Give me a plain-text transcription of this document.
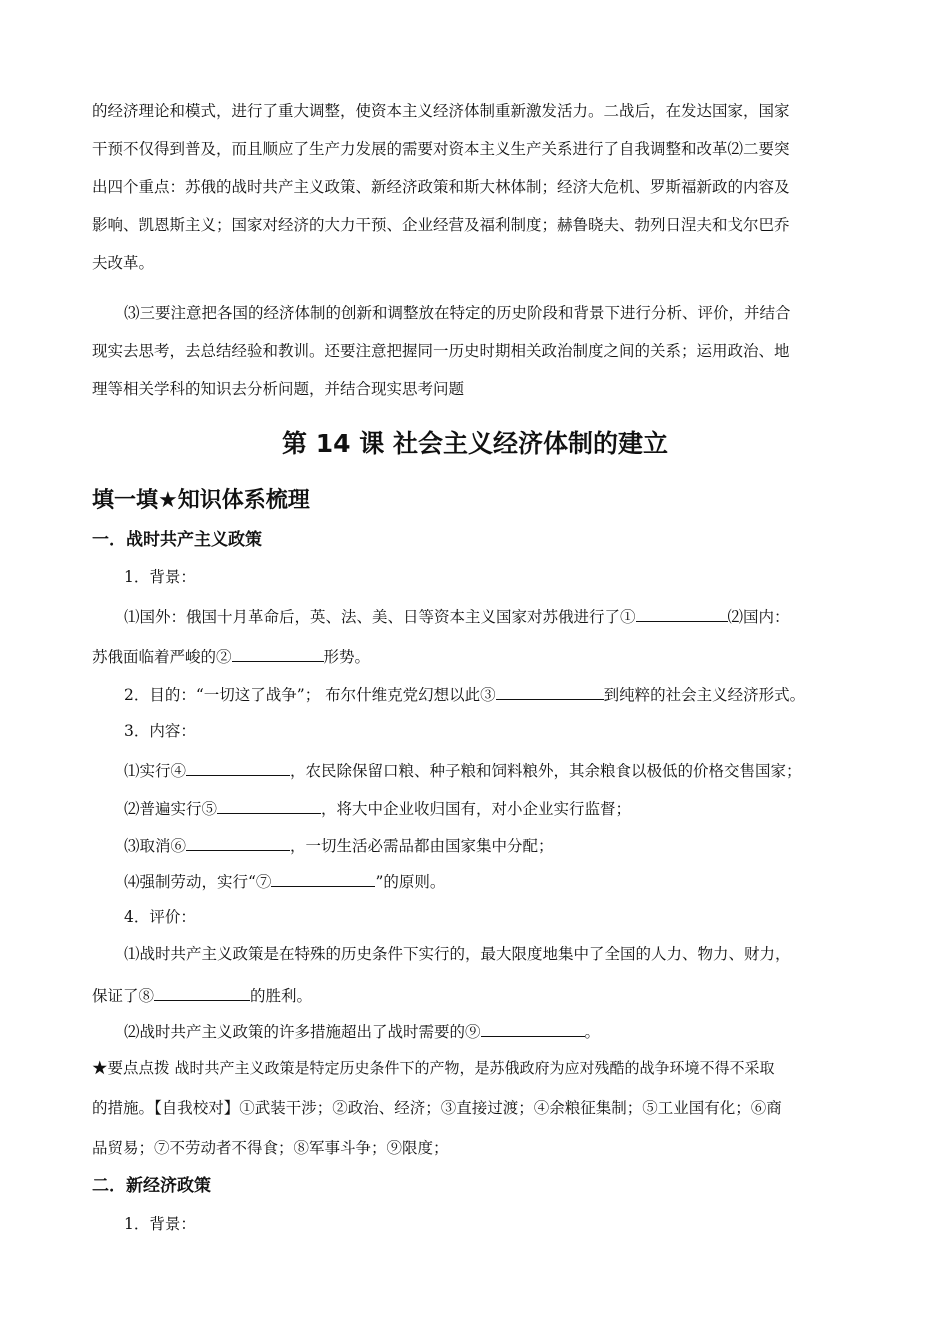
的经济理论和模式，进行了重大调整，使资本主义经济体制重新激发活力。二战后，在发达国家，国家
干预不仅得到普及，而且顺应了生产力发展的需要对资本主义生产关系进行了自我调整和改革⑵二要突
出四个重点：苏俄的战时共产主义政策、新经济政策和斯大林体制；经济大危机、罗斯福新政的内容及
影响、凯恩斯主义；国家对经济的大力干预、企业经营及福利制度；赫鲁晓夫、勃列日涅夫和戈尔巴乔
夫改革。
⑶三要注意把各国的经济体制的创新和调整放在特定的历史阶段和背景下进行分析、评价，并结合
现实去思考，去总结经验和教训。还要注意把握同一历史时期相关政治制度之间的关系；运用政治、地
理等相关学科的知识去分析问题，并结合现实思考问题
第 14 课 社会主义经济体制的建立
填一填★知识体系梳理
一．战时共产主义政策
1．背景：
⑴国外：俄国十月革命后，英、法、美、日等资本主义国家对苏俄进行了①	⑵国内：
苏俄面临着严峻的②	形势。
2．目的：“一切这了战争”； 布尔什维克党幻想以此③	到纯粹的社会主义经济形式。
3．内容：
⑴实行④	，农民除保留口粮、种子粮和饲料粮外，其余粮食以极低的价格交售国家；
⑵普遍实行⑤	，将大中企业收归国有，对小企业实行监督；
⑶取消⑥	，一切生活必需品都由国家集中分配；
⑷强制劳动，实行“⑦	”的原则。
4．评价：
⑴战时共产主义政策是在特殊的历史条件下实行的，最大限度地集中了全国的人力、物力、财力，
保证了⑧	的胜利。
⑵战时共产主义政策的许多措施超出了战时需要的⑨	。
★要点点拨 战时共产主义政策是特定历史条件下的产物，是苏俄政府为应对残酷的战争环境不得不采取
的措施。【自我校对】①武装干涉；②政治、经济；③直接过渡；④余粮征集制；⑤工业国有化；⑥商
品贸易；⑦不劳动者不得食；⑧军事斗争；⑨限度；
二．新经济政策
1．背景：
